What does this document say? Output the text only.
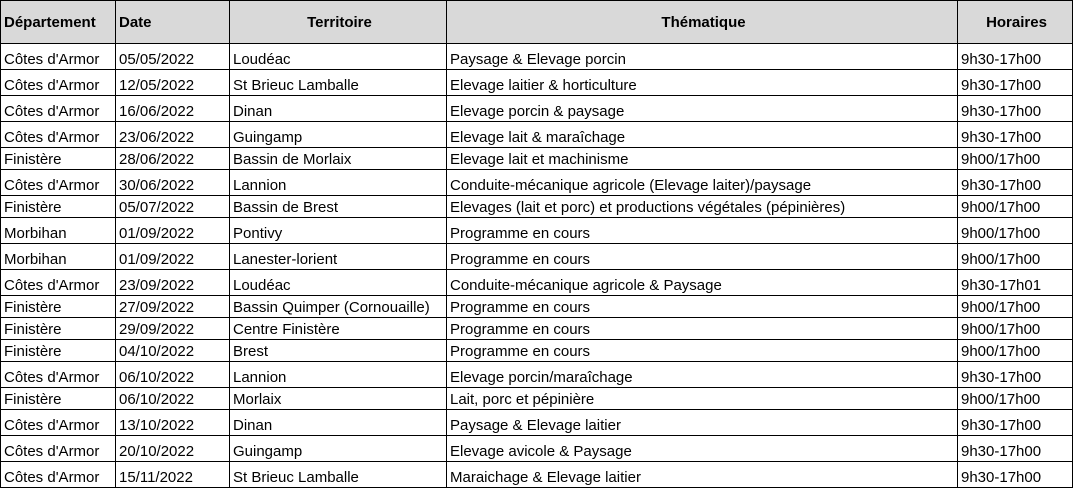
Département	Date	Territoire	Thématique	Horaires
Côtes d'Armor	05/05/2022	Loudéac	Paysage & Elevage porcin	9h30-17h00
Côtes d'Armor	12/05/2022	St Brieuc Lamballe	Elevage laitier & horticulture	9h30-17h00
Côtes d'Armor	16/06/2022	Dinan	Elevage porcin & paysage	9h30-17h00
Côtes d'Armor	23/06/2022	Guingamp	Elevage lait & maraîchage	9h30-17h00
Finistère	28/06/2022	Bassin de Morlaix	Elevage lait et machinisme	9h00/17h00
Côtes d'Armor	30/06/2022	Lannion	Conduite-mécanique agricole (Elevage laiter)/paysage	9h30-17h00
Finistère	05/07/2022	Bassin de Brest	Elevages (lait et porc) et productions végétales (pépinières)	9h00/17h00
Morbihan	01/09/2022	Pontivy	Programme en cours	9h00/17h00
Morbihan	01/09/2022	Lanester-lorient	Programme en cours	9h00/17h00
Côtes d'Armor	23/09/2022	Loudéac	Conduite-mécanique agricole & Paysage	9h30-17h01
Finistère	27/09/2022	Bassin Quimper (Cornouaille)	Programme en cours	9h00/17h00
Finistère	29/09/2022	Centre Finistère	Programme en cours	9h00/17h00
Finistère	04/10/2022	Brest	Programme en cours	9h00/17h00
Côtes d'Armor	06/10/2022	Lannion	Elevage porcin/maraîchage	9h30-17h00
Finistère	06/10/2022	Morlaix	Lait, porc et pépinière	9h00/17h00
Côtes d'Armor	13/10/2022	Dinan	Paysage & Elevage laitier	9h30-17h00
Côtes d'Armor	20/10/2022	Guingamp	Elevage avicole & Paysage	9h30-17h00
Côtes d'Armor	15/11/2022	St Brieuc Lamballe	Maraichage & Elevage laitier	9h30-17h00
